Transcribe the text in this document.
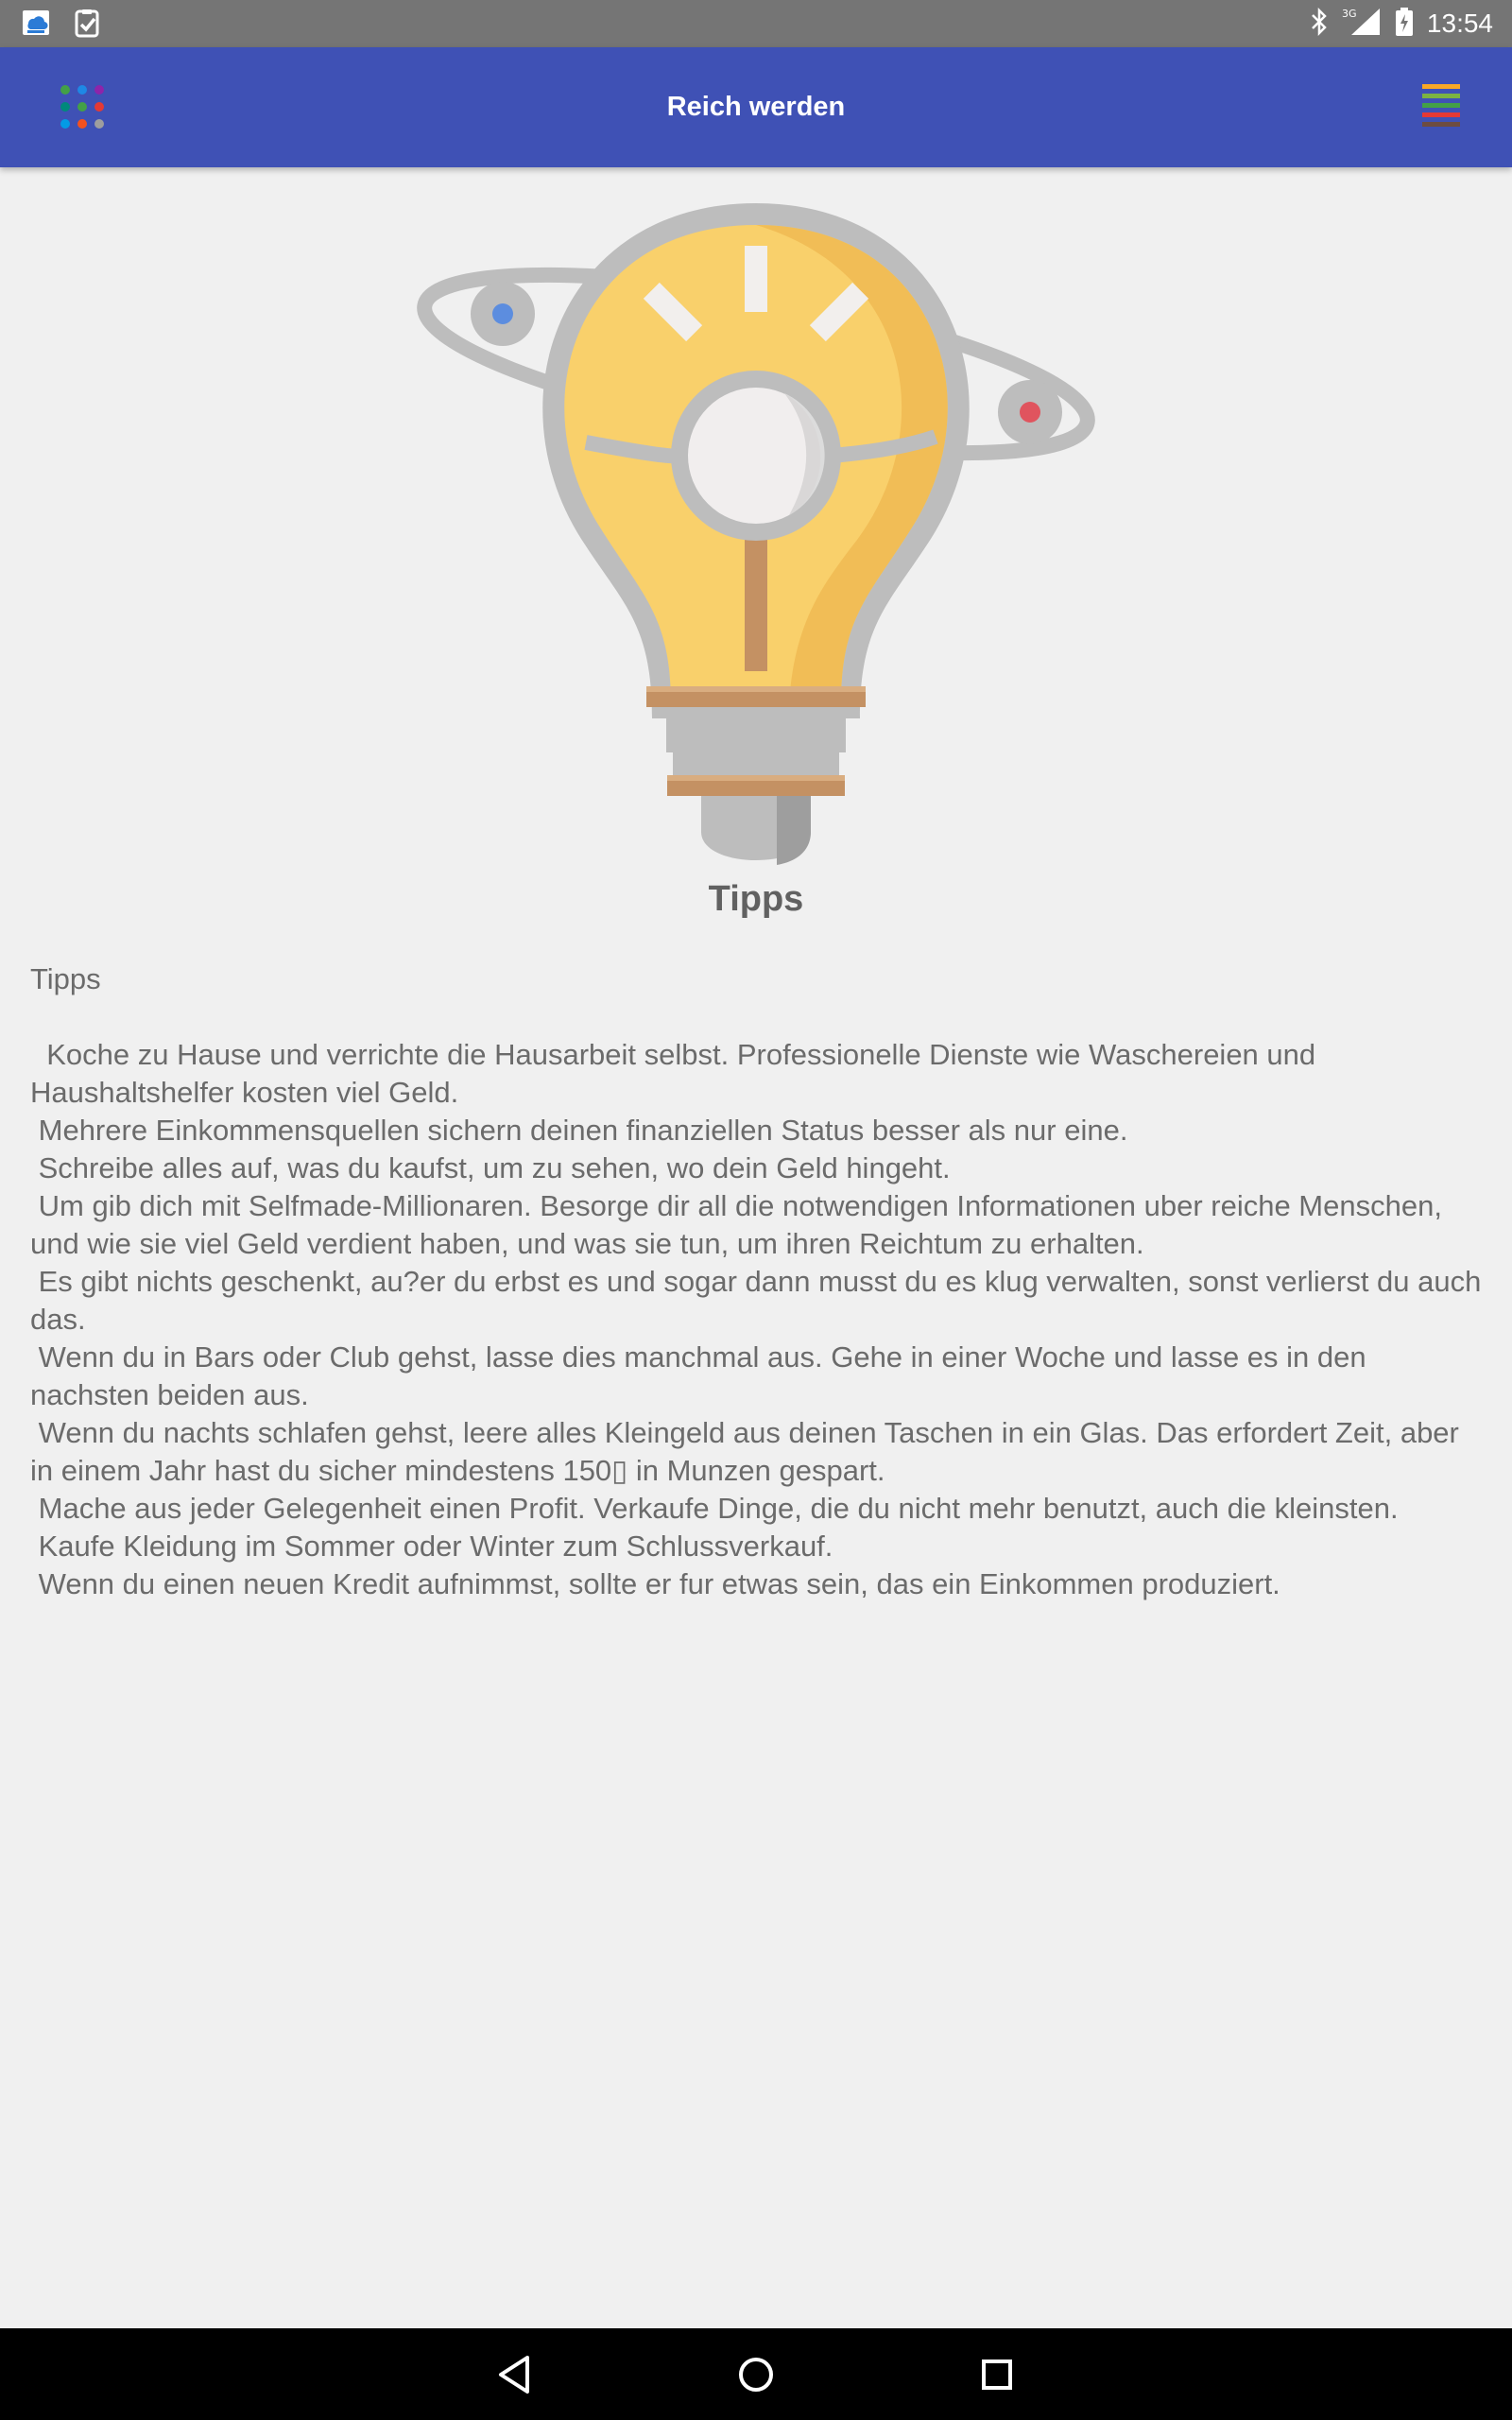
3G	13:54
Reich werden
Tipps
Tipps
Koche zu Hause und verrichte die Hausarbeit selbst. Professionelle Dienste wie Waschereien und Haushaltshelfer kosten viel Geld.
Mehrere Einkommensquellen sichern deinen finanziellen Status besser als nur eine.
Schreibe alles auf, was du kaufst, um zu sehen, wo dein Geld hingeht.
Um gib dich mit Selfmade-Millionaren. Besorge dir all die notwendigen Informationen uber reiche Menschen, und wie sie viel Geld verdient haben, und was sie tun, um ihren Reichtum zu erhalten.
Es gibt nichts geschenkt, au?er du erbst es und sogar dann musst du es klug verwalten, sonst verlierst du auch das.
Wenn du in Bars oder Club gehst, lasse dies manchmal aus. Gehe in einer Woche und lasse es in den nachsten beiden aus.
Wenn du nachts schlafen gehst, leere alles Kleingeld aus deinen Taschen in ein Glas. Das erfordert Zeit, aber in einem Jahr hast du sicher mindestens 150▯ in Munzen gespart.
Mache aus jeder Gelegenheit einen Profit. Verkaufe Dinge, die du nicht mehr benutzt, auch die kleinsten.
Kaufe Kleidung im Sommer oder Winter zum Schlussverkauf.
Wenn du einen neuen Kredit aufnimmst, sollte er fur etwas sein, das ein Einkommen produziert.
